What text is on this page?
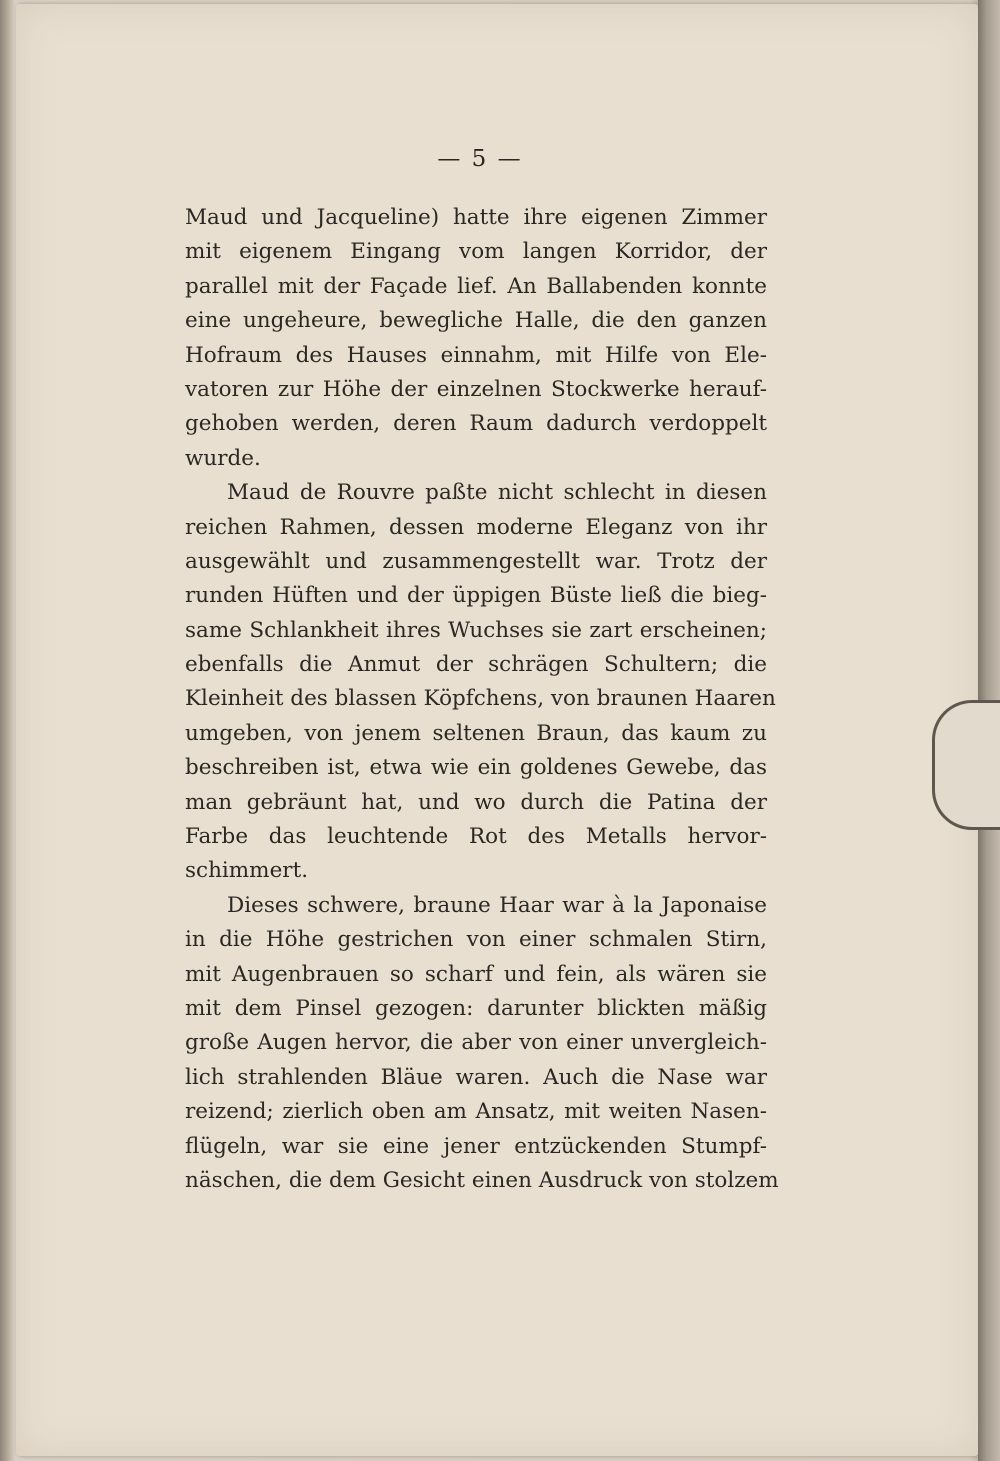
— 5 —
Maud und Jacqueline) hatte ihre eigenen Zimmer
mit eigenem Eingang vom langen Korridor, der
parallel mit der Façade lief. An Ballabenden konnte
eine ungeheure, bewegliche Halle, die den ganzen
Hofraum des Hauses einnahm, mit Hilfe von Ele-
vatoren zur Höhe der einzelnen Stockwerke herauf-
gehoben werden, deren Raum dadurch verdoppelt
wurde.
Maud de Rouvre paßte nicht schlecht in diesen
reichen Rahmen, dessen moderne Eleganz von ihr
ausgewählt und zusammengestellt war. Trotz der
runden Hüften und der üppigen Büste ließ die bieg-
same Schlankheit ihres Wuchses sie zart erscheinen;
ebenfalls die Anmut der schrägen Schultern; die
Kleinheit des blassen Köpfchens, von braunen Haaren
umgeben, von jenem seltenen Braun, das kaum zu
beschreiben ist, etwa wie ein goldenes Gewebe, das
man gebräunt hat, und wo durch die Patina der
Farbe das leuchtende Rot des Metalls hervor-
schimmert.
Dieses schwere, braune Haar war à la Japonaise
in die Höhe gestrichen von einer schmalen Stirn,
mit Augenbrauen so scharf und fein, als wären sie
mit dem Pinsel gezogen: darunter blickten mäßig
große Augen hervor, die aber von einer unvergleich-
lich strahlenden Bläue waren. Auch die Nase war
reizend; zierlich oben am Ansatz, mit weiten Nasen-
flügeln, war sie eine jener entzückenden Stumpf-
näschen, die dem Gesicht einen Ausdruck von stolzem
